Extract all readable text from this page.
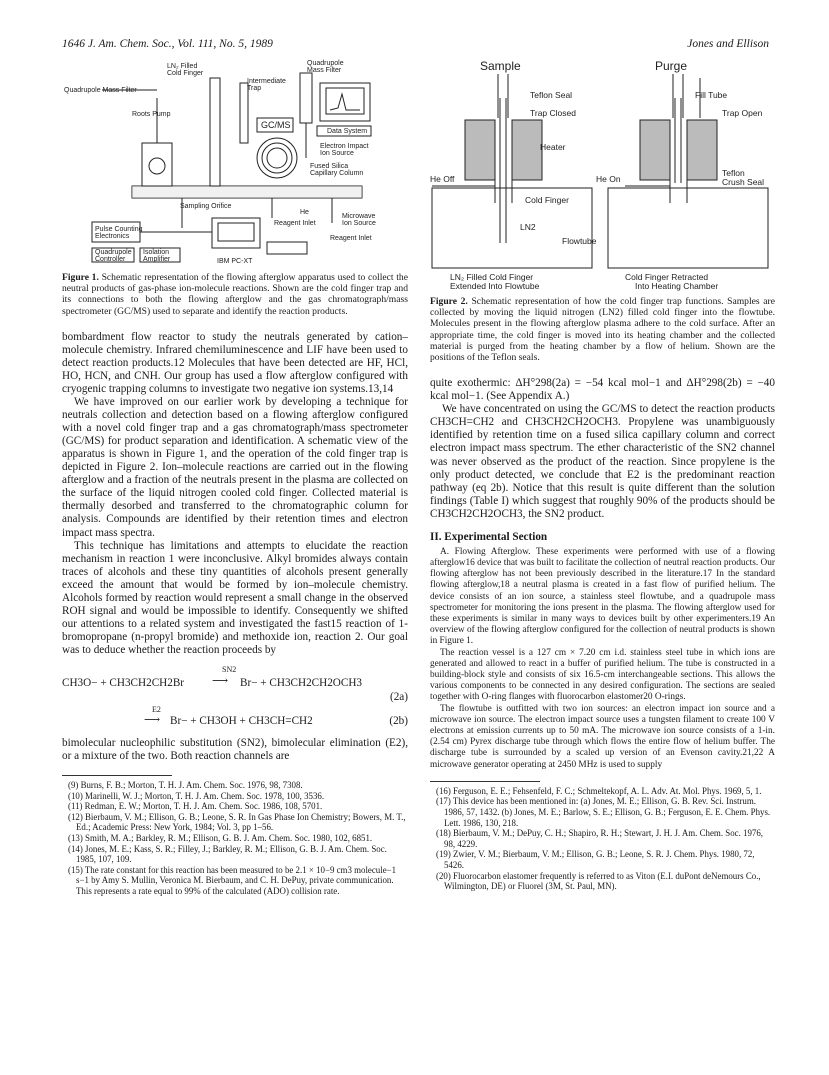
1646 J. Am. Chem. Soc., Vol. 111, No. 5, 1989	Jones and Ellison
LN₂ Filled
Cold Finger
Quadrupole
Mass Filter
Intermediate
Trap
Quadrupole Mass Filter
Roots Pump
GC/MS
Data System
Electron Impact
Ion Source
Fused Silica
Capillary Column
Sampling Orifice
He
Reagent Inlet
Microwave
Ion Source
Pulse Counting
Electronics	Reagent Inlet
Quadrupole
Controller
Isolation
Amplifier	IBM PC-XT

Figure 1. Schematic representation of the flowing afterglow apparatus used to collect the neutral products of gas-phase ion-molecule reactions. Shown are the cold finger trap and its connections to both the flowing afterglow and the gas chromatograph/mass spectrometer (GC/MS) used to separate and identify the reaction products.

bombardment flow reactor to study the neutrals generated by cation–molecule chemistry. Infrared chemiluminescence and LIF have been used to detect reaction products.12 Molecules that have been detected are HF, HCl, HO, HCN, and CNH. Our group has used a flow afterglow configured with cryogenic trapping columns to investigate two negative ion systems.13,14

We have improved on our earlier work by developing a technique for neutrals collection and detection based on a flowing afterglow configured with a novel cold finger trap and a gas chromatograph/mass spectrometer (GC/MS) for product separation and identification. A schematic view of the apparatus is shown in Figure 1, and the operation of the cold finger trap is depicted in Figure 2. Ion–molecule reactions are carried out in the flowing afterglow and a fraction of the neutrals present in the plasma are collected on the surface of the liquid nitrogen cooled cold finger. Collected material is thermally desorbed and transferred to the chromatographic column for analysis. Compounds are identified by their retention times and electron impact mass spectra.

This technique has limitations and attempts to elucidate the reaction mechanism in reaction 1 were inconclusive. Alkyl bromides always contain traces of alcohols and these tiny quantities of alcohols present generally exceed the amount that would be formed by ion–molecule chemistry. Alcohols formed by reaction would represent a small change in the observed ROH signal and would be impossible to identify. Consequently we shifted our attentions to a related system and investigated the fast15 reaction of 1-bromopropane (n-propyl bromide) and methoxide ion, reaction 2. Our goal was to deduce whether the reaction proceeds by

CH3O− + CH3CH2CH2Br
SN2
⟶ Br− + CH3CH2CH2OCH3
(2a)
E2
⟶ Br− + CH3OH + CH3CH=CH2	(2b)

bimolecular nucleophilic substitution (SN2), bimolecular elimination (E2), or a mixture of the two. Both reaction channels are

(9) Burns, F. B.; Morton, T. H. J. Am. Chem. Soc. 1976, 98, 7308.

(10) Marinelli, W. J.; Morton, T. H. J. Am. Chem. Soc. 1978, 100, 3536.

(11) Redman, E. W.; Morton, T. H. J. Am. Chem. Soc. 1986, 108, 5701.

(12) Bierbaum, V. M.; Ellison, G. B.; Leone, S. R. In Gas Phase Ion Chemistry; Bowers, M. T., Ed.; Academic Press: New York, 1984; Vol. 3, pp 1–56.

(13) Smith, M. A.; Barkley, R. M.; Ellison, G. B. J. Am. Chem. Soc. 1980, 102, 6851.

(14) Jones, M. E.; Kass, S. R.; Filley, J.; Barkley, R. M.; Ellison, G. B. J. Am. Chem. Soc. 1985, 107, 109.

(15) The rate constant for this reaction has been measured to be 2.1 × 10−9 cm3 molecule−1 s−1 by Amy S. Mullin, Veronica M. Bierbaum, and C. H. DePuy, private communication. This represents a rate equal to 99% of the calculated (ADO) collision rate.

Sample	Purge
Teflon Seal
Trap Closed
Heater
He Off
Cold Finger
LN2
Flowtube
Fill Tube
Trap Open
He On
Teflon
Crush Seal
LN₂ Filled Cold Finger
Extended Into Flowtube
Cold Finger Retracted
Into Heating Chamber

Figure 2. Schematic representation of how the cold finger trap functions. Samples are collected by moving the liquid nitrogen (LN2) filled cold finger into the flowtube. Molecules present in the flowing afterglow plasma adhere to the cold surface. After an appropriate time, the cold finger is moved into its heating chamber and the collected material is purged from the heating chamber by a flow of helium. Shown are the positions of the Teflon seals.

quite exothermic: ΔH°298(2a) = −54 kcal mol−1 and ΔH°298(2b) = −40 kcal mol−1. (See Appendix A.)

We have concentrated on using the GC/MS to detect the reaction products CH3CH=CH2 and CH3CH2CH2OCH3. Propylene was unambiguously identified by retention time on a fused silica capillary column and correct electron impact mass spectrum. The ether characteristic of the SN2 channel was never observed as the product of the reaction. Since propylene is the only product detected, we conclude that E2 is the predominant reaction pathway (eq 2b). Notice that this result is quite different than the solution findings (Table I) which suggest that roughly 90% of the products should be CH3CH2CH2OCH3, the SN2 product.

II. Experimental Section

A. Flowing Afterglow. These experiments were performed with use of a flowing afterglow16 device that was built to facilitate the collection of neutral reaction products. Our flowing afterglow has not been previously described in the literature.17 In the standard flowing afterglow,18 a neutral plasma is created in a fast flow of purified helium. The device consists of an ion source, a stainless steel flowtube, and a quadrupole mass spectrometer for monitoring the ions present in the plasma. The flowing afterglow used for these experiments is similar in many ways to devices built by other experimenters.19 An overview of the flowing afterglow configured for the collection of neutral products is shown in Figure 1.

The reaction vessel is a 127 cm × 7.20 cm i.d. stainless steel tube in which ions are generated and allowed to react in a buffer of purified helium. The tube is constructed in a building-block style and consists of six 16.5-cm interchangeable sections. This allows the various components to be connected in any desired configuration. The sections are sealed together with O-ring flanges with fluorocarbon elastomer20 O-rings.

The flowtube is outfitted with two ion sources: an electron impact ion source and a microwave ion source. The electron impact source uses a tungsten filament to create 100 V electrons at emission currents up to 50 mA. The microwave ion source consists of a 1-in. (2.54 cm) Pyrex discharge tube through which flows the entire flow of helium buffer. The discharge tube is surrounded by a scaled up version of an Evenson cavity.21,22 A microwave generator operating at 2450 MHz is used to supply

(16) Ferguson, E. E.; Fehsenfeld, F. C.; Schmeltekopf, A. L. Adv. At. Mol. Phys. 1969, 5, 1.

(17) This device has been mentioned in: (a) Jones, M. E.; Ellison, G. B. Rev. Sci. Instrum. 1986, 57, 1432. (b) Jones, M. E.; Barlow, S. E.; Ellison, G. B.; Ferguson, E. E. Chem. Phys. Lett. 1986, 130, 218.

(18) Bierbaum, V. M.; DePuy, C. H.; Shapiro, R. H.; Stewart, J. H. J. Am. Chem. Soc. 1976, 98, 4229.

(19) Zwier, V. M.; Bierbaum, V. M.; Ellison, G. B.; Leone, S. R. J. Chem. Phys. 1980, 72, 5426.

(20) Fluorocarbon elastomer frequently is referred to as Viton (E.I. duPont deNemours Co., Wilmington, DE) or Fluorel (3M, St. Paul, MN).
